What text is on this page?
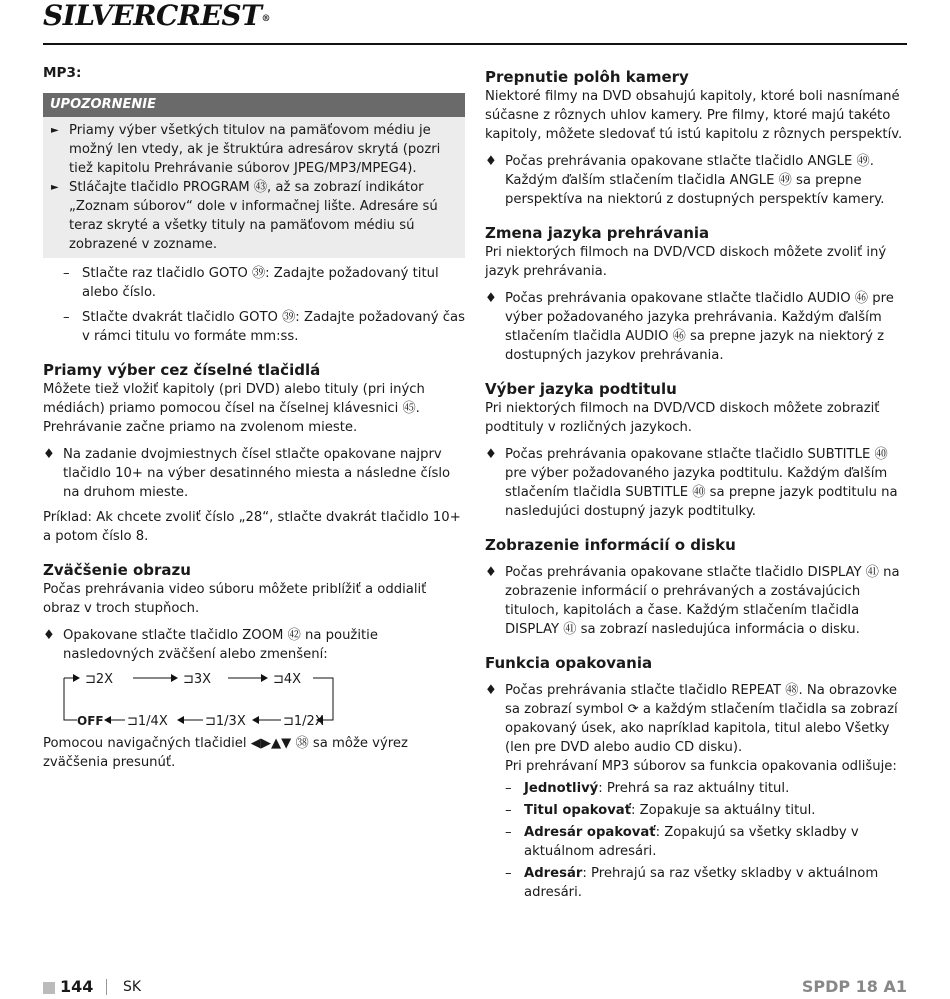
SILVERCREST®
MP3:
UPOZORNENIE

► Priamy výber všetkých titulov na pamäťovom médiu je možný len vtedy, ak je štruktúra adresárov skrytá (pozri tiež kapitolu Prehrávanie súborov JPEG/MP3/MPEG4).

► Stláčajte tlačidlo PROGRAM ㊸, až sa zobrazí indikátor „Zoznam súborov“ dole v informačnej lište. Adresáre sú teraz skryté a všetky tituly na pamäťovom médiu sú zobrazené v zozname.

– Stlačte raz tlačidlo GOTO ㊴: Zadajte požadovaný titul alebo číslo.

– Stlačte dvakrát tlačidlo GOTO ㊴: Zadajte požadovaný čas v rámci titulu vo formáte mm:ss.

Priamy výber cez číselné tlačidlá

Môžete tiež vložiť kapitoly (pri DVD) alebo tituly (pri iných médiách) priamo pomocou čísel na číselnej klávesnici ㊺. Prehrávanie začne priamo na zvolenom mieste.

♦ Na zadanie dvojmiestnych čísel stlačte opakovane najprv tlačidlo 10+ na výber desatinného miesta a následne číslo na druhom mieste.

Príklad: Ak chcete zvoliť číslo „28“, stlačte dvakrát tlačidlo 10+ a potom číslo 8.

Zväčšenie obrazu

Počas prehrávania video súboru môžete priblížiť a oddialiť obraz v troch stupňoch.

♦ Opakovane stlačte tlačidlo ZOOM ㊷ na použitie nasledovných zväčšení alebo zmenšení:

⊐2X	⊐3X	⊐4X
OFF ⊐1/4X	⊐1/3X	⊐1/2X

Pomocou navigačných tlačidiel ◀▶▲▼ ㊳ sa môže výrez zväčšenia presunúť.

Prepnutie polôh kamery

Niektoré filmy na DVD obsahujú kapitoly, ktoré boli nasnímané súčasne z rôznych uhlov kamery. Pre filmy, ktoré majú takéto kapitoly, môžete sledovať tú istú kapitolu z rôznych perspektív.

♦ Počas prehrávania opakovane stlačte tlačidlo ANGLE ㊾. Každým ďalším stlačením tlačidla ANGLE ㊾ sa prepne perspektíva na niektorú z dostupných perspektív kamery.

Zmena jazyka prehrávania

Pri niektorých filmoch na DVD/VCD diskoch môžete zvoliť iný jazyk prehrávania.

♦ Počas prehrávania opakovane stlačte tlačidlo AUDIO ㊻ pre výber požadovaného jazyka prehrávania. Každým ďalším stlačením tlačidla AUDIO ㊻ sa prepne jazyk na niektorý z dostupných jazykov prehrávania.

Výber jazyka podtitulu

Pri niektorých filmoch na DVD/VCD diskoch môžete zobraziť podtituly v rozličných jazykoch.

♦ Počas prehrávania opakovane stlačte tlačidlo SUBTITLE ㊵ pre výber požadovaného jazyka podtitulu. Každým ďalším stlačením tlačidla SUBTITLE ㊵ sa prepne jazyk podtitulu na nasledujúci dostupný jazyk podtitulky.

Zobrazenie informácií o disku

♦ Počas prehrávania opakovane stlačte tlačidlo DISPLAY ㊶ na zobrazenie informácií o prehrávaných a zostávajúcich tituloch, kapitolách a čase. Každým stlačením tlačidla DISPLAY ㊶ sa zobrazí nasledujúca informácia o disku.

Funkcia opakovania

♦ Počas prehrávania stlačte tlačidlo REPEAT ㊽. Na obrazovke sa zobrazí symbol ⟳ a každým stlačením tlačidla sa zobrazí opakovaný úsek, ako napríklad kapitola, titul alebo Všetky (len pre DVD alebo audio CD disku).

Pri prehrávaní MP3 súborov sa funkcia opakovania odlišuje:

– Jednotlivý: Prehrá sa raz aktuálny titul.

– Titul opakovať: Zopakuje sa aktuálny titul.

– Adresár opakovať: Zopakujú sa všetky skladby v aktuálnom adresári.

– Adresár: Prehrajú sa raz všetky skladby v aktuálnom adresári.

144 SK	SPDP 18 A1
